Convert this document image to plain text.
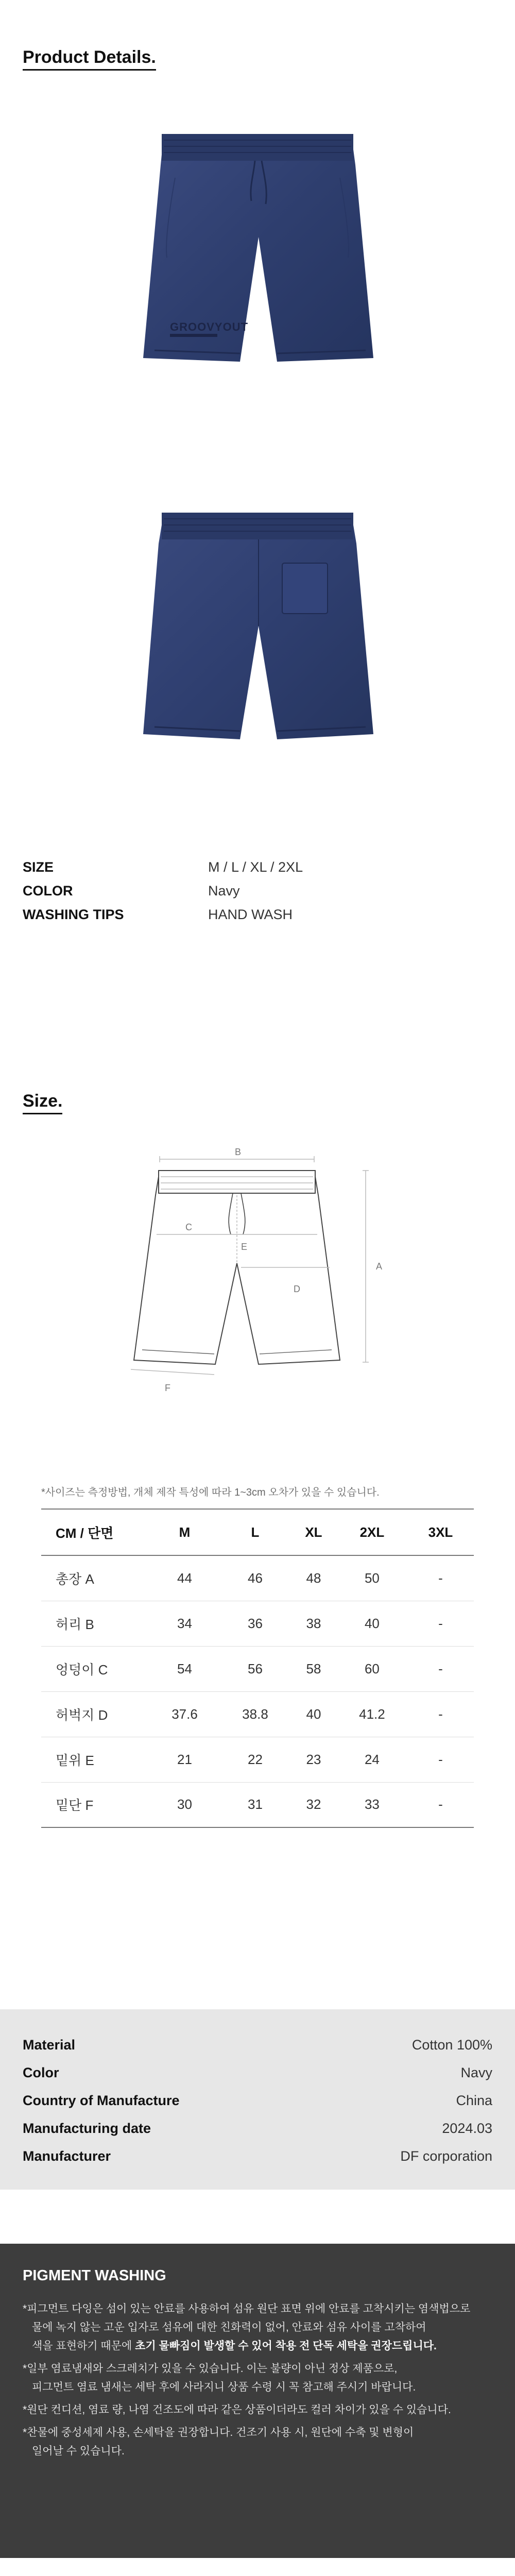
Product Details.
GROOVYOUT
SIZE	M / L / XL / 2XL
COLOR	Navy
WASHING TIPS	HAND WASH
Size.
B
C
E
D
A
F
*사이즈는 측정방법, 개체 제작 특성에 따라 1~3cm 오차가 있을 수 있습니다.
CM / 단면	M	L	XL	2XL	3XL
총장 A	44	46	48	50	-
허리 B	34	36	38	40	-
엉덩이 C	54	56	58	60	-
허벅지 D	37.6	38.8	40	41.2	-
밑위 E	21	22	23	24	-
밑단 F	30	31	32	33	-
Material	Cotton 100%
Color	Navy
Country of Manufacture	China
Manufacturing date	2024.03
Manufacturer	DF corporation
PIGMENT WASHING
*피그먼트 다잉은 섬이 있는 안료를 사용하여 섬유 원단 표면 위에 안료를 고착시키는 염색법으로
물에 녹지 않는 고운 입자로 섬유에 대한 친화력이 없어, 안료와 섬유 사이를 고착하여
색을 표현하기 때문에 초기 물빠짐이 발생할 수 있어 착용 전 단독 세탁을 권장드립니다.
*일부 염료냄새와 스크레치가 있을 수 있습니다. 이는 불량이 아닌 정상 제품으로,
피그먼트 염료 냄새는 세탁 후에 사라지니 상품 수령 시 꼭 참고해 주시기 바랍니다.
*원단 컨디션, 염료 량, 나염 건조도에 따라 같은 상품이더라도 컬러 차이가 있을 수 있습니다.
*찬물에 중성세제 사용, 손세탁을 권장합니다. 건조기 사용 시, 원단에 수축 및 변형이
일어날 수 있습니다.
